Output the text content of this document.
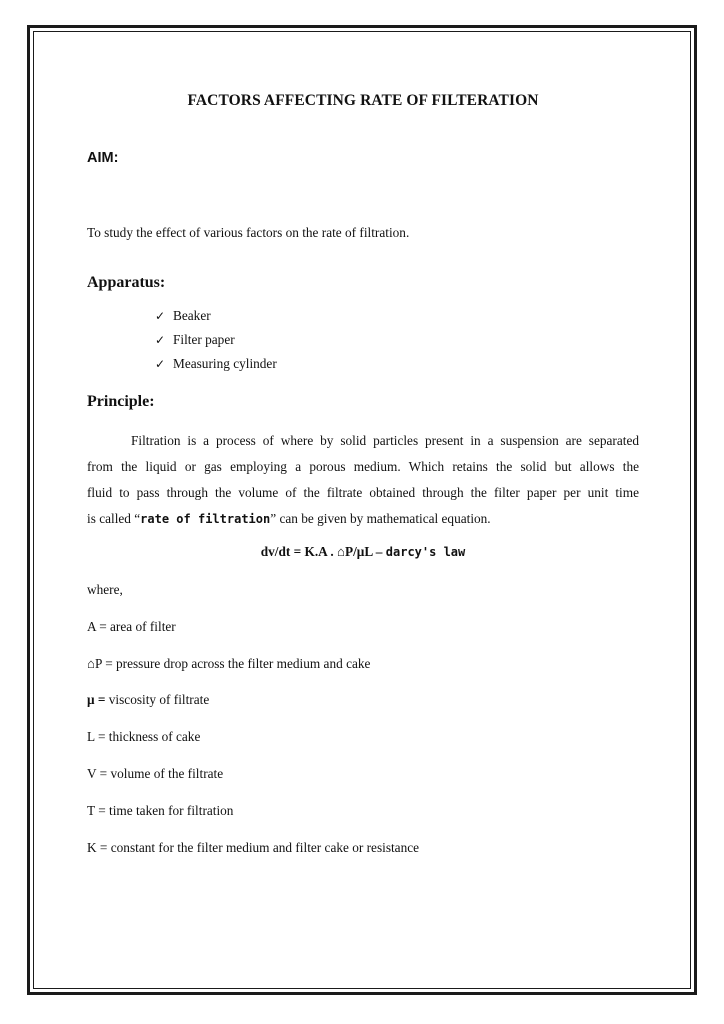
FACTORS AFFECTING RATE OF FILTERATION
AIM:
To study the effect of various factors on the rate of filtration.
Apparatus:
✓ Beaker
✓ Filter paper
✓ Measuring cylinder
Principle:
Filtration is a process of where by solid particles present in a suspension are separated
from the liquid or gas employing a porous medium. Which retains the solid but allows the
fluid to pass through the volume of the filtrate obtained through the filter paper per unit time
is called “rate of filtration” can be given by mathematical equation.
dv/dt = K.A . ⌂P/μL – darcy's law
where,
A = area of filter
⌂P = pressure drop across the filter medium and cake
μ = viscosity of filtrate
L = thickness of cake
V = volume of the filtrate
T = time taken for filtration
K = constant for the filter medium and filter cake or resistance
